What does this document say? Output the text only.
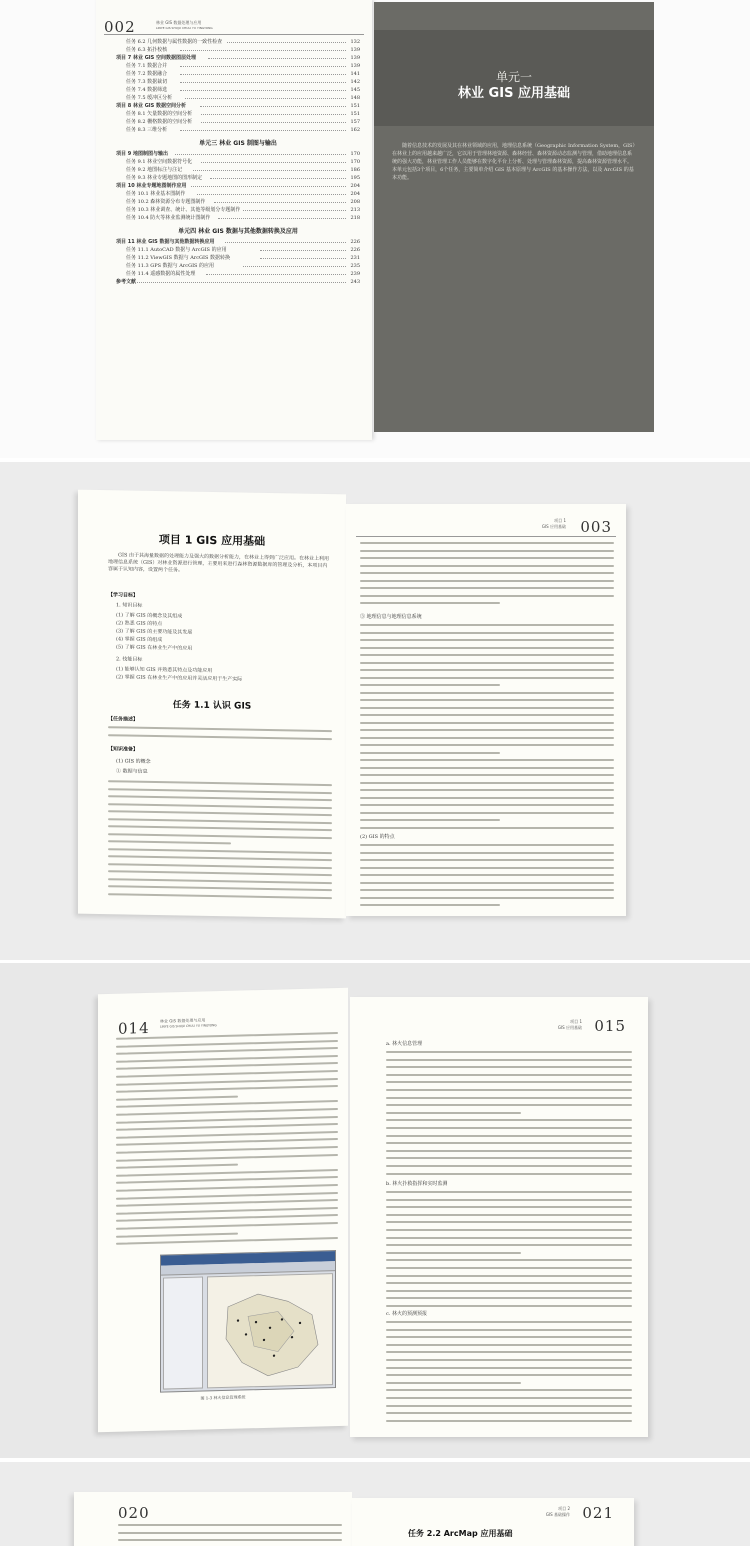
002	林业 GIS 数据处理与应用
LINYE GIS SHUJU CHULI YU YINGYONG
任务 6.2 几何数据与属性数据的一致性检查	132
任务 6.3 拓扑校核	139
项目 7 林业 GIS 空间数据图层处理	139
任务 7.1 数据合并	139
任务 7.2 数据融合	141
任务 7.3 数据裁切	142
任务 7.4 数据筛选	145
任务 7.5 缓冲区分析	148
项目 8 林业 GIS 数据空间分析	151
任务 8.1 矢量数据的空间分析	151
任务 8.2 栅格数据的空间分析	157
任务 8.3 三维分析	162
单元三 林业 GIS 制图与输出
项目 9 地图制图与输出	170
任务 9.1 林业空间数据符号化	170
任务 9.2 地图标注与注记	186
任务 9.3 林业专题地图的图形制定	195
项目 10 林业专题地图制作应用	204
任务 10.1 林业基本图制作	204
任务 10.2 森林资源分布专题图制作	208
任务 10.3 林业调查、统计、其他等级划分专题制作	213
任务 10.4 防火等林业监测统计图制作	218
单元四 林业 GIS 数据与其他数据转换及应用
项目 11 林业 GIS 数据与其他数据转换应用	226
任务 11.1 AutoCAD 数据与 ArcGIS 的应用	226
任务 11.2 ViewGIS 数据与 ArcGIS 数据转换	231
任务 11.3 GPS 数据与 ArcGIS 的应用	235
任务 11.4 遥感数据的属性处理	239
参考文献	243
单元一
林业 GIS 应用基础
随着信息技术的发展及其在林业领域的应用，地理信息系统（Geographic Information System，GIS）在林业上的应用越来越广泛，它以用于管理林地资源、森林经营、森林资源动态监测与管理，借助地理信息系统的强大功能，林业管理工作人员能够在数字化平台上分析、处理与管理森林资源，提高森林资源管理水平。本单元包括3个项目，6个任务，主要简单介绍 GIS 基本原理与 ArcGIS 的基本操作方法，以及 ArcGIS 的基本功能。
项目 1 GIS 应用基础
GIS 由于其海量数据的处理能力及强大的数据分析能力，在林业上得到广泛应用。在林业上利用地理信息系统（GIS）对林业资源进行管理，主要用来进行森林资源数据库的管理及分析，本项目内容属于认知内容，设置两个任务。
【学习目标】
1. 知识目标
(1) 了解 GIS 的概念及其组成
(2) 熟悉 GIS 的特点
(3) 了解 GIS 的主要功能及其发展
(4) 掌握 GIS 的组成
(5) 了解 GIS 在林业生产中的应用
2. 技能目标
(1) 能够认知 GIS 并熟悉其特点及功能应用
(2) 掌握 GIS 在林业生产中的应用并灵活应用于生产实际
任务 1.1 认识 GIS
【任务描述】
【知识准备】
(1) GIS 的概念
① 数据与信息
项目 1
GIS 应用基础 003
③ 地理信息与地理信息系统
(2) GIS 的特点
014	林业 GIS 数据处理与应用
LINYE GIS SHUJU CHULI YU YINGYONG
图 1-3 林火信息管理系统
项目 1
GIS 应用基础 015
a. 林火信息管理
b. 林火扑救指挥和实时监测
c. 林火的预测预报
020	项目 2
GIS 基础操作 021
任务 2.2 ArcMap 应用基础
